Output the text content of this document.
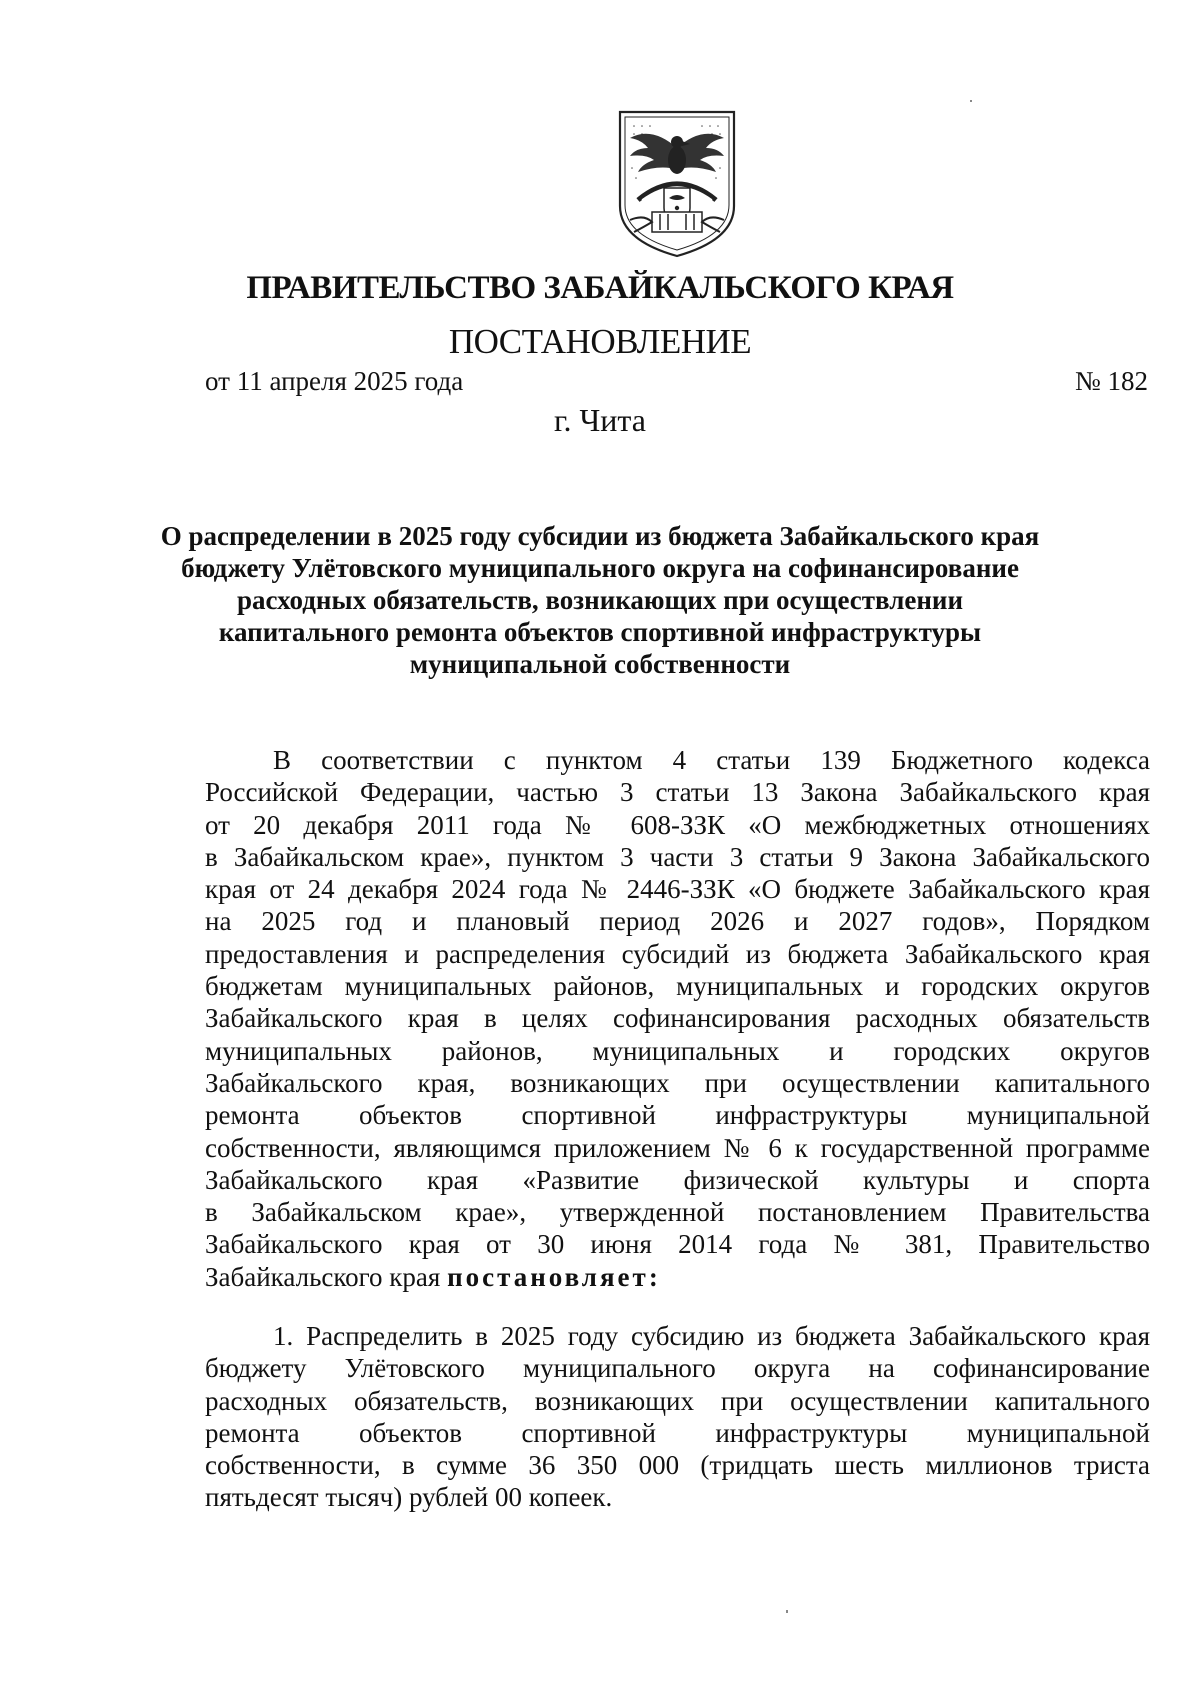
ПРАВИТЕЛЬСТВО ЗАБАЙКАЛЬСКОГО КРАЯ
ПОСТАНОВЛЕНИЕ
от 11 апреля 2025 года	№ 182
г. Чита
О распределении в 2025 году субсидии из бюджета Забайкальского края
бюджету Улётовского муниципального округа на софинансирование
расходных обязательств, возникающих при осуществлении
капитального ремонта объектов спортивной инфраструктуры
муниципальной собственности
В соответствии с пунктом 4 статьи 139 Бюджетного кодекса
Российской Федерации, частью 3 статьи 13 Закона Забайкальского края
от 20 декабря 2011 года № 608-ЗЗК «О межбюджетных отношениях
в Забайкальском крае», пунктом 3 части 3 статьи 9 Закона Забайкальского
края от 24 декабря 2024 года № 2446-ЗЗК «О бюджете Забайкальского края
на 2025 год и плановый период 2026 и 2027 годов», Порядком
предоставления и распределения субсидий из бюджета Забайкальского края
бюджетам муниципальных районов, муниципальных и городских округов
Забайкальского края в целях софинансирования расходных обязательств
муниципальных районов, муниципальных и городских округов
Забайкальского края, возникающих при осуществлении капитального
ремонта объектов спортивной инфраструктуры муниципальной
собственности, являющимся приложением № 6 к государственной программе
Забайкальского края «Развитие физической культуры и спорта
в Забайкальском крае», утвержденной постановлением Правительства
Забайкальского края от 30 июня 2014 года № 381, Правительство
Забайкальского края постановляет:
1. Распределить в 2025 году субсидию из бюджета Забайкальского края
бюджету Улётовского муниципального округа на софинансирование
расходных обязательств, возникающих при осуществлении капитального
ремонта объектов спортивной инфраструктуры муниципальной
собственности, в сумме 36 350 000 (тридцать шесть миллионов триста
пятьдесят тысяч) рублей 00 копеек.
